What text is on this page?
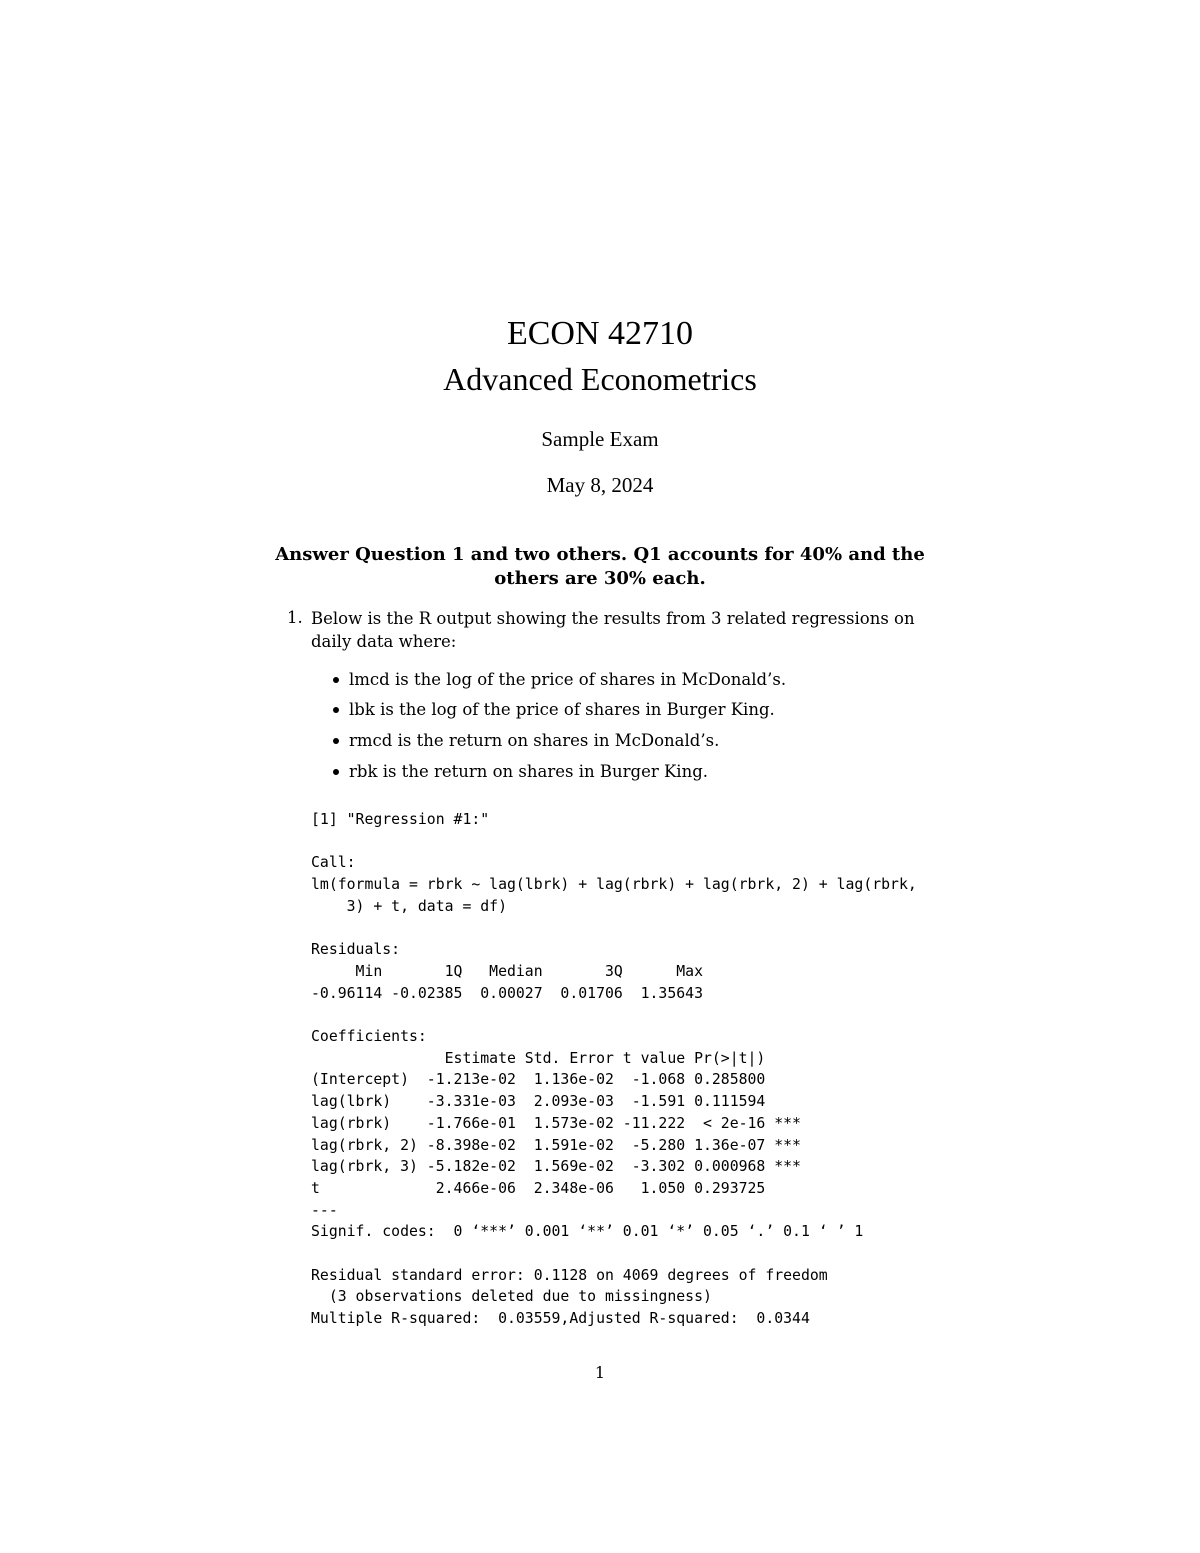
ECON 42710
Advanced Econometrics
Sample Exam
May 8, 2024
Answer Question 1 and two others. Q1 accounts for 40% and the
others are 30% each.
1. Below is the R output showing the results from 3 related regressions on
daily data where:
lmcd is the log of the price of shares in McDonald’s.
lbk is the log of the price of shares in Burger King.
rmcd is the return on shares in McDonald’s.
rbk is the return on shares in Burger King.
[1] "Regression #1:"
Call:
lm(formula = rbrk ~ lag(lbrk) + lag(rbrk) + lag(rbrk, 2) + lag(rbrk,
3) + t, data = df)
Residuals:
Min       1Q   Median       3Q      Max
-0.96114 -0.02385  0.00027  0.01706  1.35643
Coefficients:
Estimate Std. Error t value Pr(>|t|)
(Intercept)  -1.213e-02  1.136e-02  -1.068 0.285800
lag(lbrk)    -3.331e-03  2.093e-03  -1.591 0.111594
lag(rbrk)    -1.766e-01  1.573e-02 -11.222  < 2e-16 ***
lag(rbrk, 2) -8.398e-02  1.591e-02  -5.280 1.36e-07 ***
lag(rbrk, 3) -5.182e-02  1.569e-02  -3.302 0.000968 ***
t             2.466e-06  2.348e-06   1.050 0.293725
---
Signif. codes:  0 ‘***’ 0.001 ‘**’ 0.01 ‘*’ 0.05 ‘.’ 0.1 ‘ ’ 1
Residual standard error: 0.1128 on 4069 degrees of freedom
(3 observations deleted due to missingness)
Multiple R-squared:  0.03559,Adjusted R-squared:  0.0344
1
